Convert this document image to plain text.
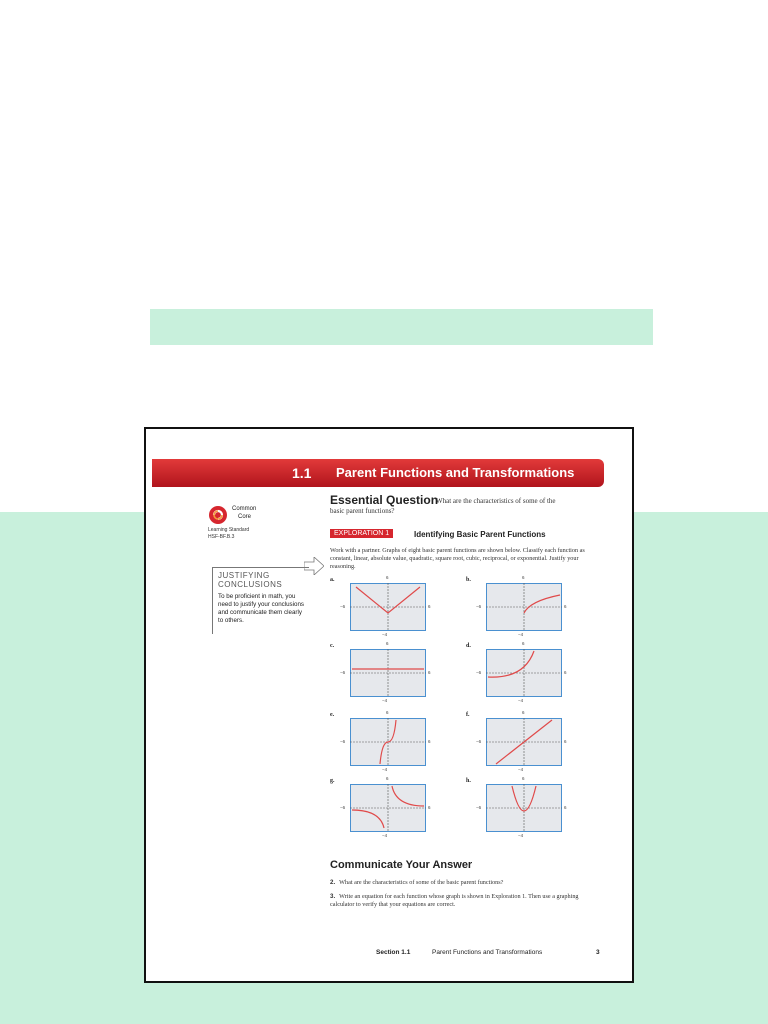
1.1 Parent Functions and Transformations
Essential Question
What are the characteristics of some of the
basic parent functions?
Common
Core
Learning Standard
HSF-BF.B.3	EXPLORATION 1	Identifying Basic Parent Functions
Work with a partner. Graphs of eight basic parent functions are shown below. Classify each function as constant, linear, absolute value, quadratic, square root, cubic, reciprocal, or exponential. Justify your reasoning.
JUSTIFYING
CONCLUSIONS
To be proficient in math, you need to justify your conclusions and communicate them clearly to others.
a.	6
−4
−6	6
b.	6
−4
−6	6
c.	6
−4
−6	6
d.	6
−4
−6	6
e.	6
−4
−6	6
f.	6
−4
−6	6
g.	6
−4
−6	6
h.	6
−4
−6	6
Communicate Your Answer
2. What are the characteristics of some of the basic parent functions?
3. Write an equation for each function whose graph is shown in Exploration 1. Then use a graphing calculator to verify that your equations are correct.
Section 1.1	Parent Functions and Transformations	3
